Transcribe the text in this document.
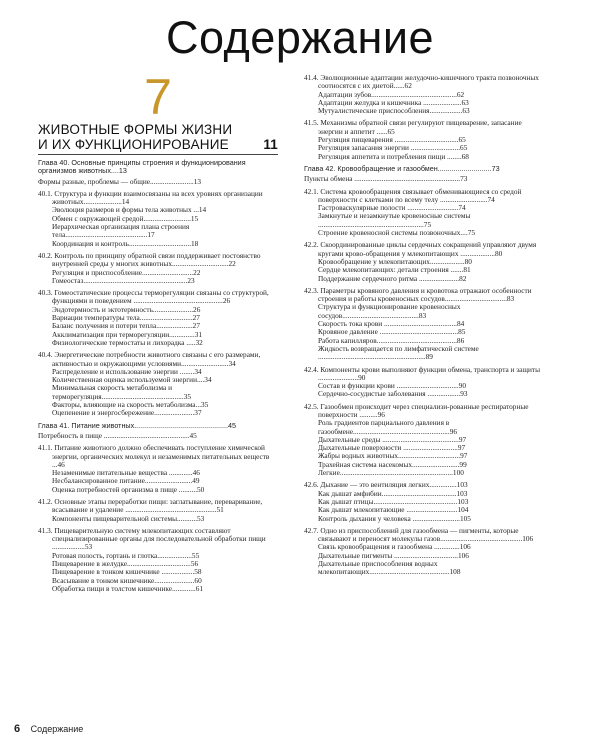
Содержание
7
ЖИВОТНЫЕ ФОРМЫ ЖИЗНИ
И ИХ ФУНКЦИОНИРОВАНИЕ	11
Глава 40. Основные принципы строения и функционирования организмов животных....13
Формы разные, проблемы — общие........................13
40.1. Структура и функции взаимосвязаны на всех уровнях организации животных.....................14
Эволюция размеров и формы тела животных ...14
Обмен с окружающей средой..........................15
Иерархическая организация плана строения тела.............................................17
Координация и контроль..................................18
40.2. Контроль по принципу обратной связи поддерживает постоянство внутренней среды у многих животных...............................22
Регуляция и приспособление............................22
Гомеостаз.........................................................23
40.3. Гомеостатические процессы терморегуляции связаны со структурой, функциями и поведением .................................................26
Эндотермность и эктотермность......................26
Вариации температуры тела.............................27
Баланс получения и потери тепла....................27
Акклиматизация при терморегуляции..............31
Физиологические термостаты и лихорадка .....32
40.4. Энергетические потребности животного связаны с его размерами, активностью и окружающими условиями..........................34
Распределение и использование энергии ........34
Количественная оценка используемой энергии....34
Минимальная скорость метаболизма и терморегуляция.............................................35
Факторы, влияющие на скорость метаболизма...35
Оцепенение и энергосбережение......................37
Глава 41. Питание животных...............................................45
Потребность в пище ...............................................45
41.1. Питание животного должно обеспечивать поступление химической энергии, органических молекул и незаменимых питательных веществ ...46
Незаменимые питательные вещества .............46
Несбалансированное питание..........................49
Оценка потребностей организма в пище ..........50
41.2. Основные этапы переработки пищи: заглатывание, переваривание, всасывание и удаление ..................................................51
Компоненты пищеварительной системы...........53
41.3. Пищеварительную систему млекопитающих составляют специализированные органы для последовательной обработки пищи ..................53
Ротовая полость, гортань и глотка...................55
Пищеварение в желудке...................................56
Пищеварение в тонком кишечнике ..................58
Всасывание в тонком кишечнике......................60
Обработка пищи в толстом кишечнике.............61
41.4. Эволюционные адаптации желудочно-кишечного тракта позвоночных соотносятся с их диетой......62
Адаптации зубов...............................................62
Адаптации желудка и кишечника .....................63
Мутуалистические приспособления..................63
41.5. Механизмы обратной связи регулируют пищеварение, запасание энергии и аппетит ......65
Регуляция пищеварения ...................................65
Регуляция запасания энергии ...........................65
Регуляция аппетита и потребления пищи ........68
Глава 42. Кровообращение и газообмен...........................73
Пункты обмена ..........................................................73
42.1. Система кровообращения связывает обменивающиеся со средой поверхности с клетками по всему телу ..........................74
Гастроваскулярные полости ............................74
Замкнутые и незамкнутые кровеносные системы ..........................................................75
Строение кровеносной системы позвоночных....75
42.2. Скоординированные циклы сердечных сокращений управляют двумя кругами крово-обращения у млекопитающих ...................80
Кровообращение у млекопитающих...................80
Сердце млекопитающих: детали строения .......81
Поддержание сердечного ритма ......................82
42.3. Параметры кровяного давления и кровотока отражают особенности строения и работы кровеносных сосудов..................................83
Структура и функционирование кровеносных сосудов..........................................83
Скорость тока крови ........................................84
Кровяное давление ...........................................85
Работа капилляров............................................86
Жидкость возвращается по лимфатической системе ...........................................................89
42.4. Компоненты крови выполняют функции обмена, транспорта и защиты ......................90
Состав и функции крови ..................................90
Сердечно-сосудистые заболевания ..................93
42.5. Газообмен происходит через специализи-рованные респираторные поверхности ..........96
Роль градиентов парциального давления в газообмене.....................................................96
Дыхательные среды ..........................................97
Дыхательные поверхности ..............................97
Жабры водных животных..................................97
Трахейная система насекомых..........................99
Легкие..............................................................100
42.6. Дыхание — это вентиляция легких...............103
Как дышат амфибии.........................................103
Как дышат птицы..............................................103
Как дышат млекопитающие ............................104
Контроль дыхания у человека ..........................105
42.7. Одно из приспособлений для газообмена — пигменты, которые связывают и переносят молекулы газов.............................................106
Связь кровообращения и газообмена ..............106
Дыхательные пигменты ...................................106
Дыхательные приспособления водных млекопитающих............................................108
6 Содержание
